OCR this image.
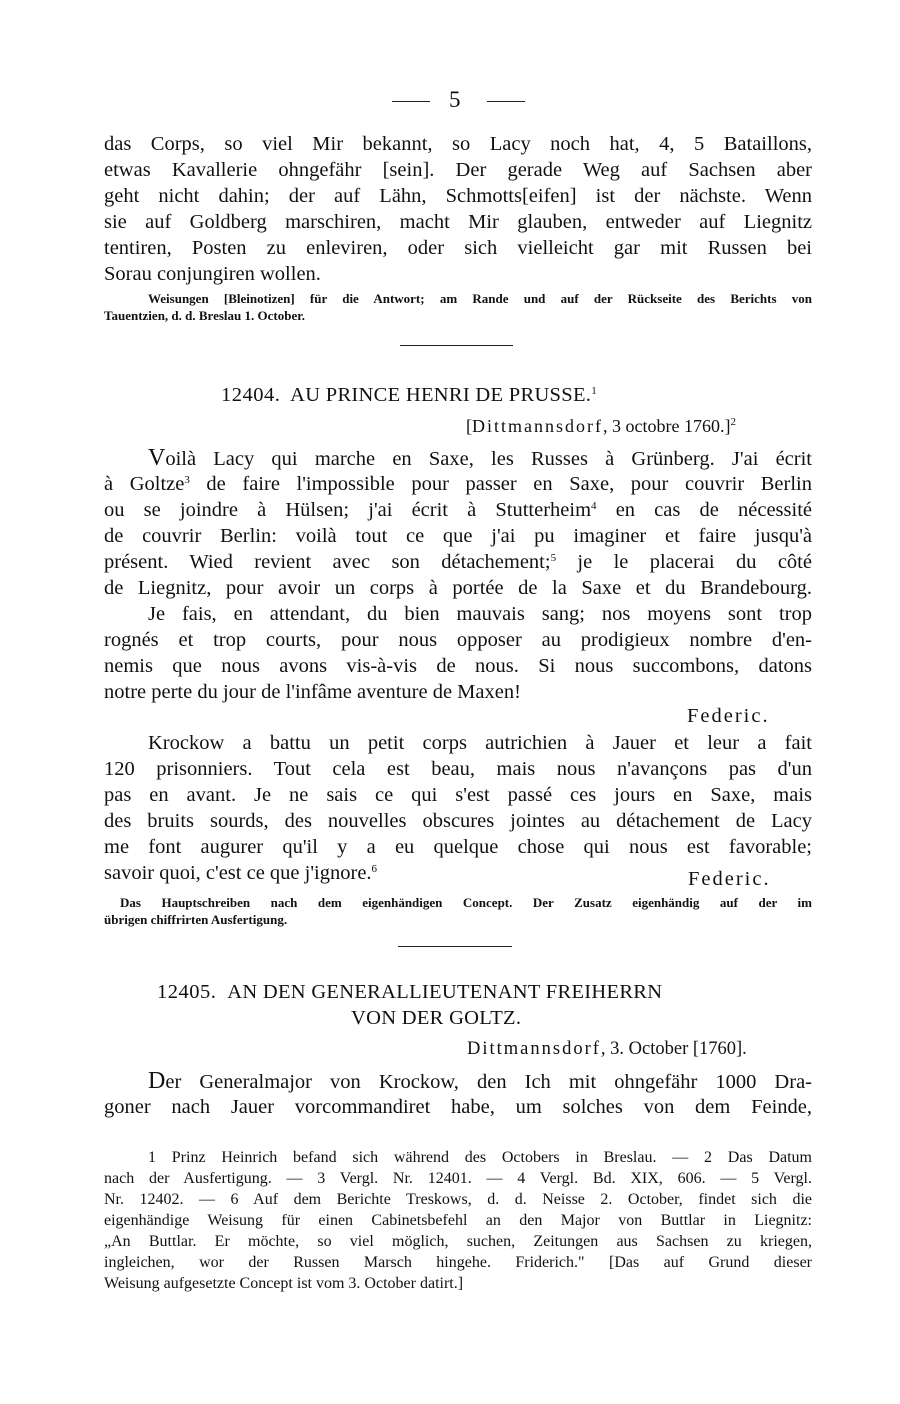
5
das Corps, so viel Mir bekannt, so Lacy noch hat, 4, 5 Bataillons,
etwas Kavallerie ohngefähr [sein]. Der gerade Weg auf Sachsen aber
geht nicht dahin; der auf Lähn, Schmotts[eifen] ist der nächste. Wenn
sie auf Goldberg marschiren, macht Mir glauben, entweder auf Liegnitz
tentiren, Posten zu enleviren, oder sich vielleicht gar mit Russen bei
Sorau conjungiren wollen.
Weisungen [Bleinotizen] für die Antwort; am Rande und auf der Rückseite des Berichts von
Tauentzien, d. d. Breslau 1. October.
12404. AU PRINCE HENRI DE PRUSSE.$^1$
[Dittmannsdorf, 3 octobre 1760.]$^2$
Voilà Lacy qui marche en Saxe, les Russes à Grünberg. J'ai écrit
à Goltze$^3$ de faire l'impossible pour passer en Saxe, pour couvrir Berlin
ou se joindre à Hülsen; j'ai écrit à Stutterheim$^4$ en cas de nécessité
de couvrir Berlin: voilà tout ce que j'ai pu imaginer et faire jusqu'à
présent. Wied revient avec son détachement;$^5$ je le placerai du côté
de Liegnitz, pour avoir un corps à portée de la Saxe et du Brandebourg.
Je fais, en attendant, du bien mauvais sang; nos moyens sont trop
rognés et trop courts, pour nous opposer au prodigieux nombre d'en-
nemis que nous avons vis-à-vis de nous. Si nous succombons, datons
notre perte du jour de l'infâme aventure de Maxen!
Federic.
Krockow a battu un petit corps autrichien à Jauer et leur a fait
120 prisonniers. Tout cela est beau, mais nous n'avançons pas d'un
pas en avant. Je ne sais ce qui s'est passé ces jours en Saxe, mais
des bruits sourds, des nouvelles obscures jointes au détachement de Lacy
me font augurer qu'il y a eu quelque chose qui nous est favorable;
savoir quoi, c'est ce que j'ignore.$^6$	Federic.
Das Hauptschreiben nach dem eigenhändigen Concept. Der Zusatz eigenhändig auf der im
übrigen chiffrirten Ausfertigung.
12405. AN DEN GENERALLIEUTENANT FREIHERRN
VON DER GOLTZ.
Dittmannsdorf, 3. October [1760].
Der Generalmajor von Krockow, den Ich mit ohngefähr 1000 Dra-
goner nach Jauer vorcommandiret habe, um solches von dem Feinde,
1 Prinz Heinrich befand sich während des Octobers in Breslau. — 2 Das Datum
nach der Ausfertigung. — 3 Vergl. Nr. 12401. — 4 Vergl. Bd. XIX, 606. — 5 Vergl.
Nr. 12402. — 6 Auf dem Berichte Treskows, d. d. Neisse 2. October, findet sich die
eigenhändige Weisung für einen Cabinetsbefehl an den Major von Buttlar in Liegnitz:
„An Buttlar. Er möchte, so viel möglich, suchen, Zeitungen aus Sachsen zu kriegen,
ingleichen, wor der Russen Marsch hingehe. Friderich." [Das auf Grund dieser
Weisung aufgesetzte Concept ist vom 3. October datirt.]
